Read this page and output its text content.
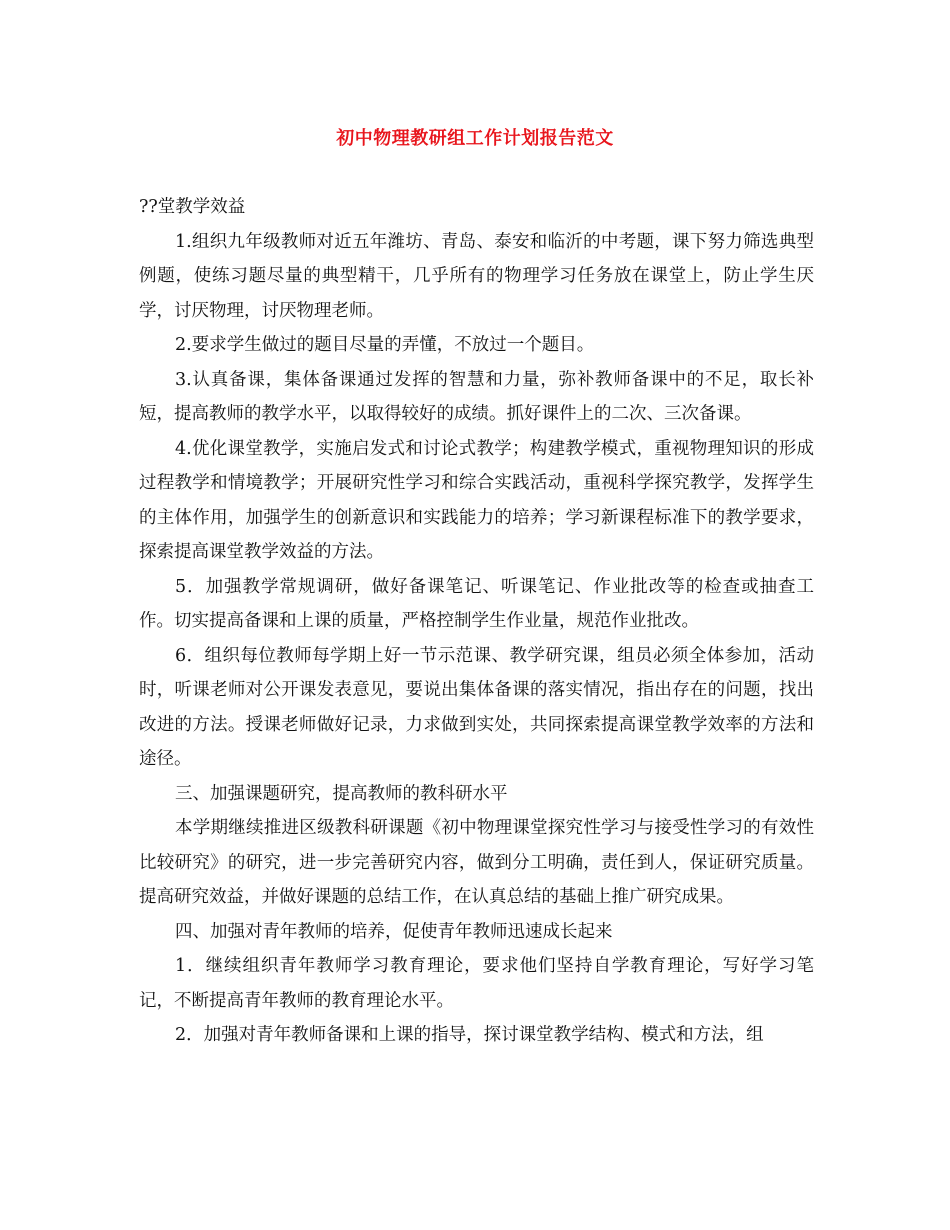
初中物理教研组工作计划报告范文

??堂教学效益

1.组织九年级教师对近五年潍坊、青岛、泰安和临沂的中考题，课下努力筛选典型例题，使练习题尽量的典型精干，几乎所有的物理学习任务放在课堂上，防止学生厌学，讨厌物理，讨厌物理老师。

2.要求学生做过的题目尽量的弄懂，不放过一个题目。

3.认真备课，集体备课通过发挥的智慧和力量，弥补教师备课中的不足，取长补短，提高教师的教学水平，以取得较好的成绩。抓好课件上的二次、三次备课。

4.优化课堂教学，实施启发式和讨论式教学；构建教学模式，重视物理知识的形成过程教学和情境教学；开展研究性学习和综合实践活动，重视科学探究教学，发挥学生的主体作用，加强学生的创新意识和实践能力的培养；学习新课程标准下的教学要求，探索提高课堂教学效益的方法。

5．加强教学常规调研，做好备课笔记、听课笔记、作业批改等的检查或抽查工作。切实提高备课和上课的质量，严格控制学生作业量，规范作业批改。

6．组织每位教师每学期上好一节示范课、教学研究课，组员必须全体参加，活动时，听课老师对公开课发表意见，要说出集体备课的落实情况，指出存在的问题，找出改进的方法。授课老师做好记录，力求做到实处，共同探索提高课堂教学效率的方法和途径。

三、加强课题研究，提高教师的教科研水平

本学期继续推进区级教科研课题《初中物理课堂探究性学习与接受性学习的有效性比较研究》的研究，进一步完善研究内容，做到分工明确，责任到人，保证研究质量。提高研究效益，并做好课题的总结工作，在认真总结的基础上推广研究成果。

四、加强对青年教师的培养，促使青年教师迅速成长起来

1．继续组织青年教师学习教育理论，要求他们坚持自学教育理论，写好学习笔记，不断提高青年教师的教育理论水平。

2．加强对青年教师备课和上课的指导，探讨课堂教学结构、模式和方法，组
